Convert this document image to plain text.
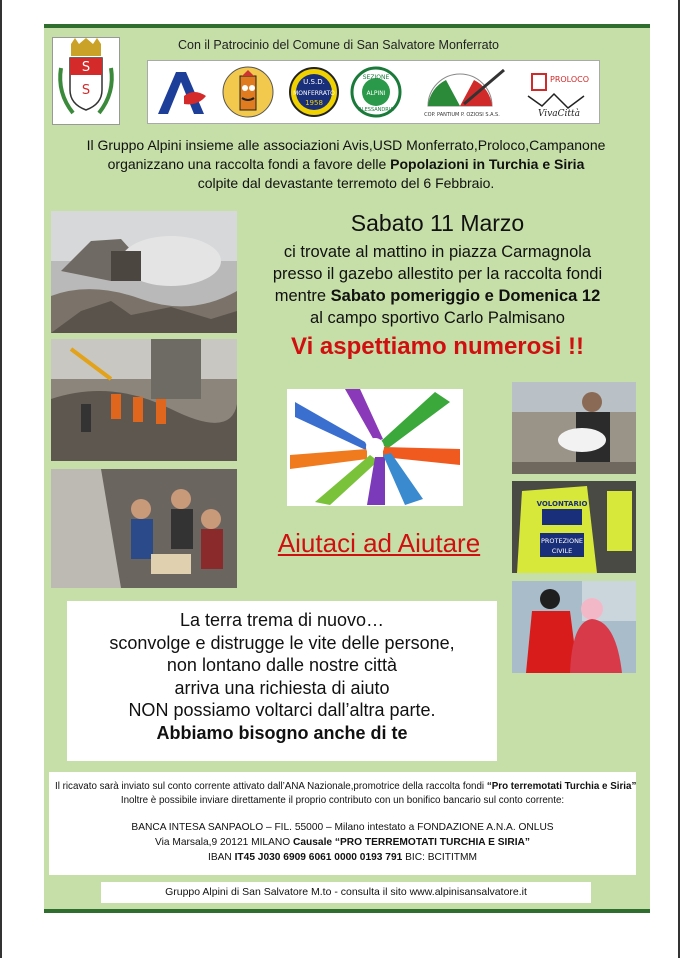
S
S
Con il Patrocinio del Comune di San Salvatore Monferrato
U.S.D.
MONFERRATO
1958
SEZIONE
ALPINI
ALESSANDRIA
COP. PANTIUM P. OZIOSI S.A.S.
PROLOCO
VivaCittà
Il Gruppo Alpini insieme alle associazioni Avis,USD Monferrato,Proloco,Campanone
organizzano una raccolta fondi a favore delle Popolazioni in Turchia e Siria
colpite dal devastante terremoto del 6 Febbraio.
Sabato 11 Marzo
ci trovate al mattino in piazza Carmagnola
presso il gazebo allestito per la raccolta fondi
mentre Sabato pomeriggio e Domenica 12
al campo sportivo Carlo Palmisano
Vi aspettiamo numerosi !!
Aiutaci ad Aiutare
VOLONTARIO
PROTEZIONE
CIVILE
La terra trema di nuovo…
sconvolge e distrugge le vite delle persone,
non lontano dalle nostre città
arriva una richiesta di aiuto
NON possiamo voltarci dall’altra parte.
Abbiamo bisogno anche di te
Il ricavato sarà inviato sul conto corrente attivato dall’ANA Nazionale,promotrice della raccolta fondi “Pro terremotati Turchia e Siria”
Inoltre è possibile inviare direttamente il proprio contributo con un bonifico bancario sul conto corrente:
BANCA INTESA SANPAOLO – FIL. 55000 – Milano intestato a FONDAZIONE A.N.A. ONLUS
Via Marsala,9 20121 MILANO Causale “PRO TERREMOTATI TURCHIA E SIRIA”
IBAN IT45 J030 6909 6061 0000 0193 791 BIC: BCITITMM
Gruppo Alpini di San Salvatore M.to - consulta il sito www.alpinisansalvatore.it
